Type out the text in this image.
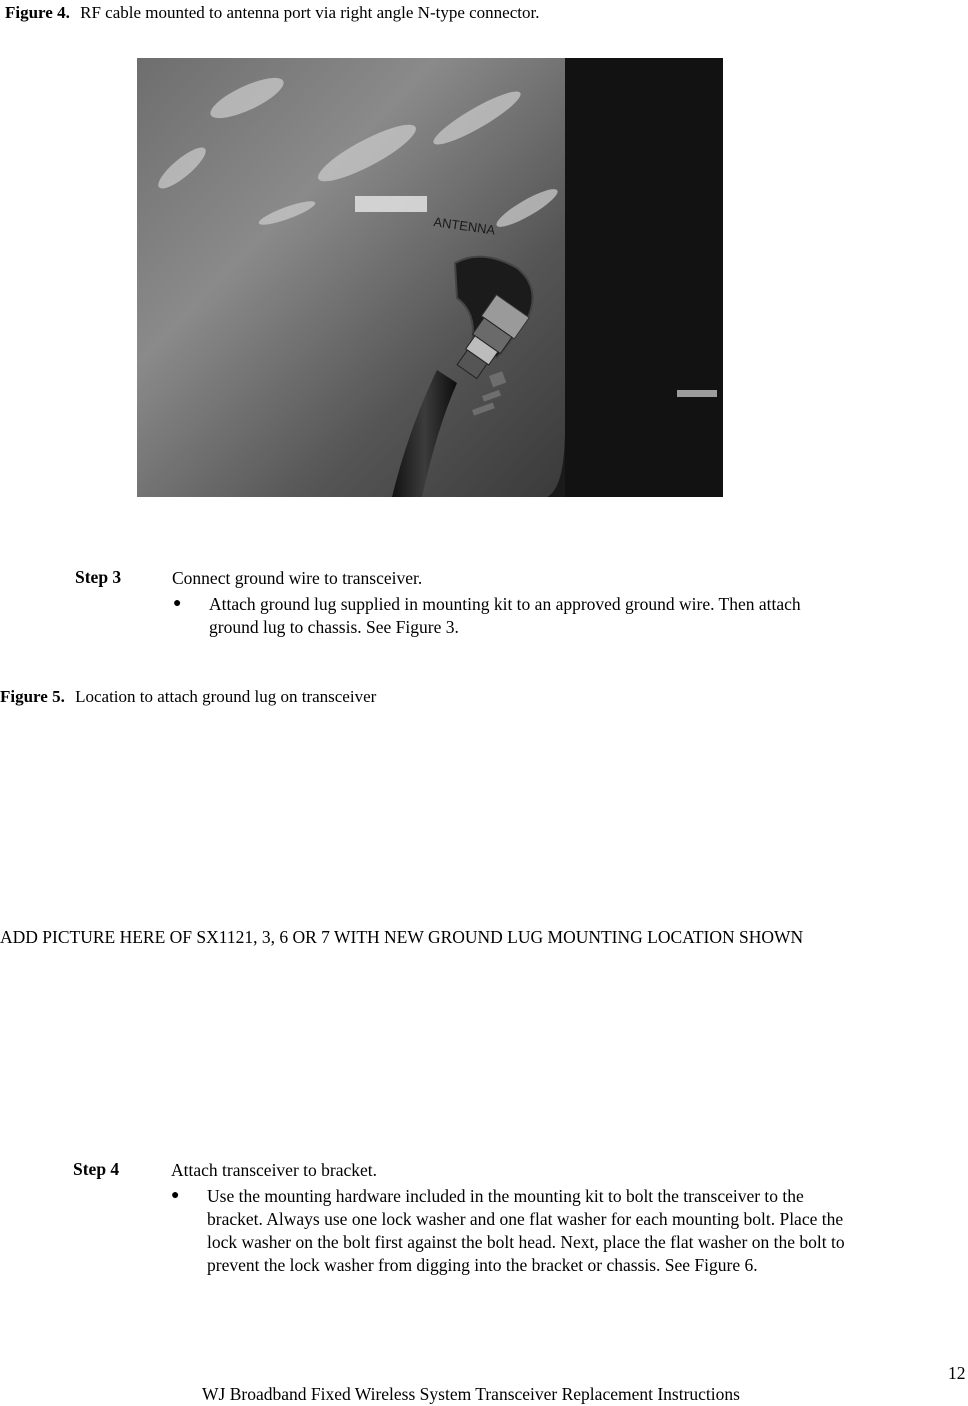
Figure 4. RF cable mounted to antenna port via right angle N-type connector.
ANTENNA
Step 3	Connect ground wire to transceiver.
● Attach ground lug supplied in mounting kit to an approved ground wire. Then attach
ground lug to chassis. See Figure 3.
Figure 5. Location to attach ground lug on transceiver
ADD PICTURE HERE OF SX1121, 3, 6 OR 7 WITH NEW GROUND LUG MOUNTING LOCATION SHOWN
Step 4	Attach transceiver to bracket.
● Use the mounting hardware included in the mounting kit to bolt the transceiver to the
bracket. Always use one lock washer and one flat washer for each mounting bolt. Place the
lock washer on the bolt first against the bolt head. Next, place the flat washer on the bolt to
prevent the lock washer from digging into the bracket or chassis. See Figure 6.
12
WJ Broadband Fixed Wireless System Transceiver Replacement Instructions
